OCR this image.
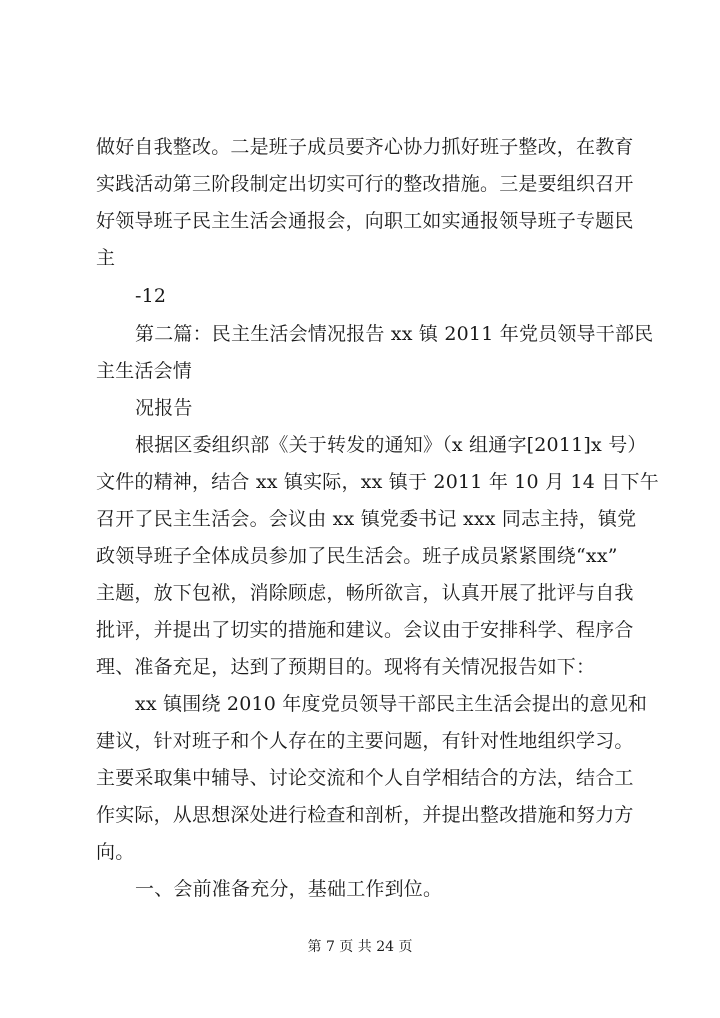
做好自我整改。二是班子成员要齐心协力抓好班子整改，在教育
实践活动第三阶段制定出切实可行的整改措施。三是要组织召开
好领导班子民主生活会通报会，向职工如实通报领导班子专题民
主
-12
第二篇：民主生活会情况报告 xx 镇 2011 年党员领导干部民
主生活会情
况报告
根据区委组织部《关于转发的通知》（x 组通字[2011]x 号）
文件的精神，结合 xx 镇实际，xx 镇于 2011 年 10 月 14 日下午
召开了民主生活会。会议由 xx 镇党委书记 xxx 同志主持，镇党
政领导班子全体成员参加了民生活会。班子成员紧紧围绕“xx”
主题，放下包袱，消除顾虑，畅所欲言，认真开展了批评与自我
批评，并提出了切实的措施和建议。会议由于安排科学、程序合
理、准备充足，达到了预期目的。现将有关情况报告如下：
xx 镇围绕 2010 年度党员领导干部民主生活会提出的意见和
建议，针对班子和个人存在的主要问题，有针对性地组织学习。
主要采取集中辅导、讨论交流和个人自学相结合的方法，结合工
作实际，从思想深处进行检查和剖析，并提出整改措施和努力方
向。
一、会前准备充分，基础工作到位。
第 7 页 共 24 页
